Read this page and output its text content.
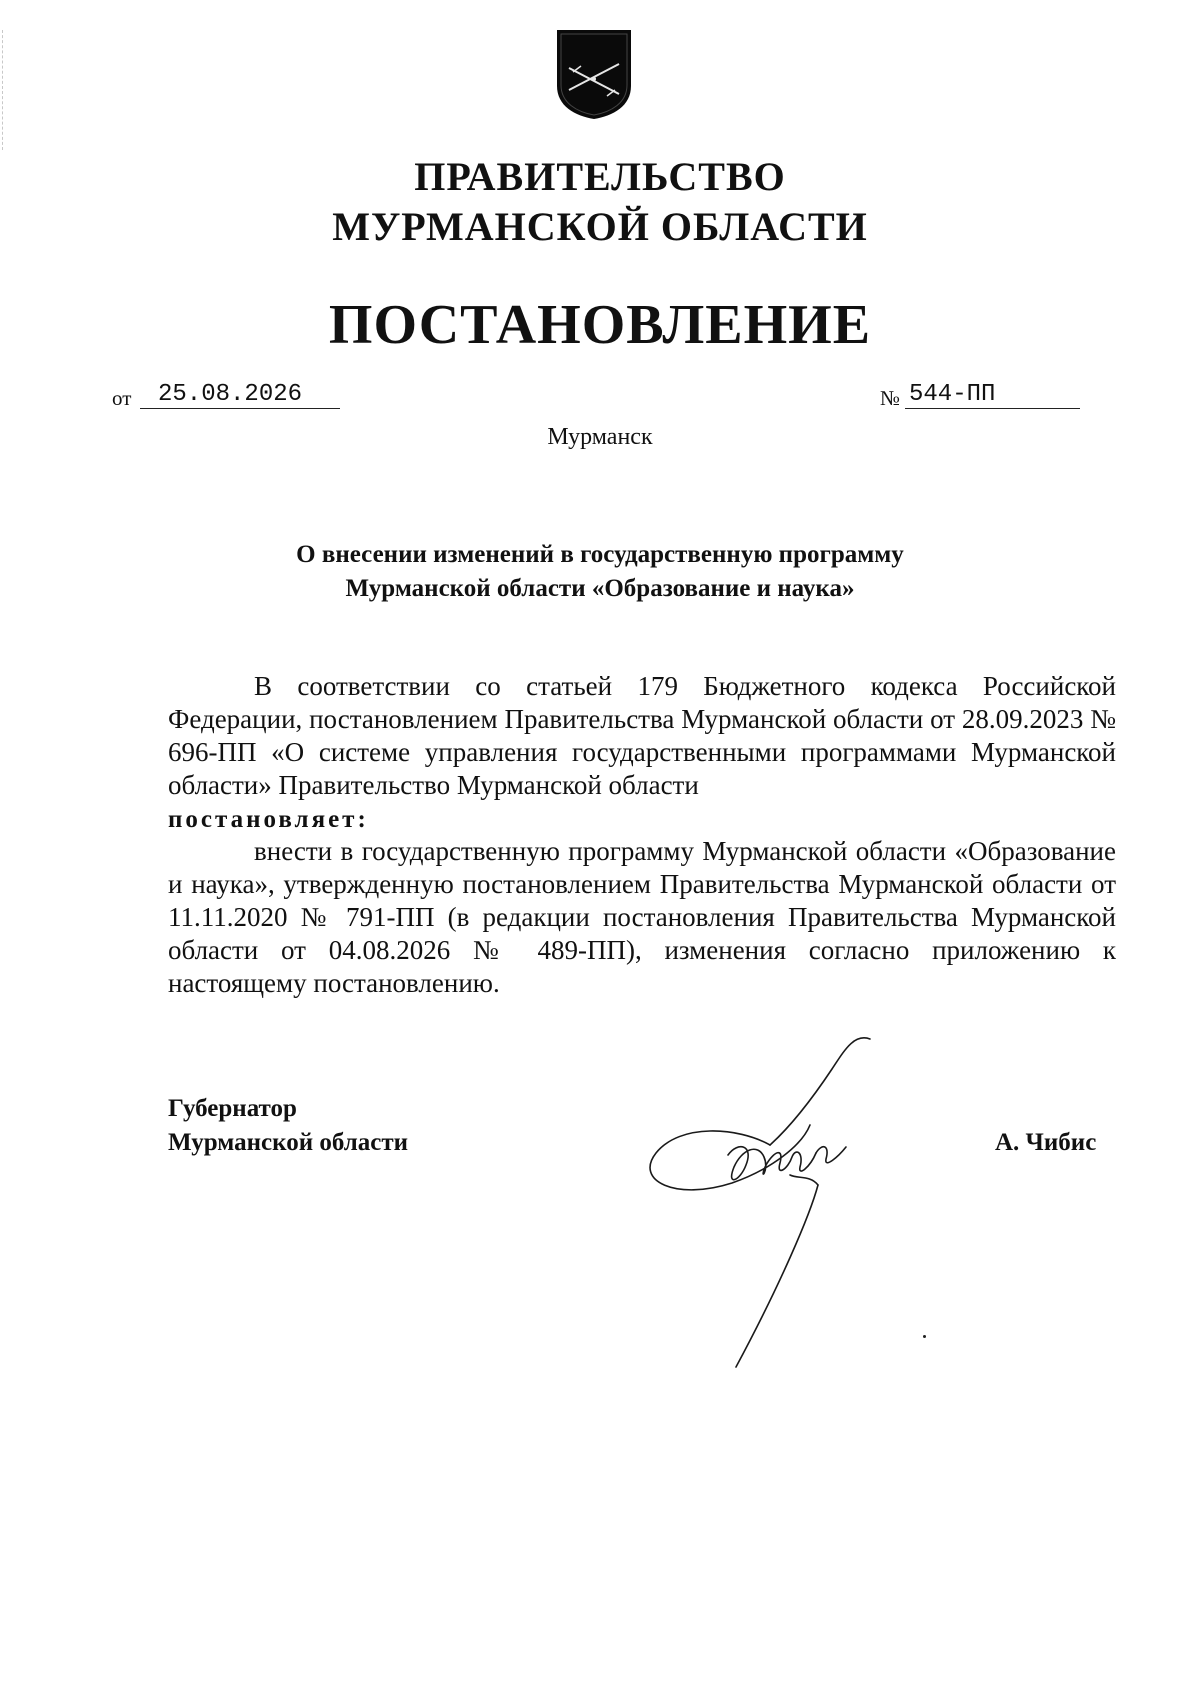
ПРАВИТЕЛЬСТВО
МУРМАНСКОЙ ОБЛАСТИ
ПОСТАНОВЛЕНИЕ
от	25.08.2026	№ 544-ПП
Мурманск
О внесении изменений в государственную программу
Мурманской области «Образование и наука»
В соответствии со статьей 179 Бюджетного кодекса Российской Федерации, постановлением Правительства Мурманской области от 28.09.2023 № 696-ПП «О системе управления государственными программами Мурманской области» Правительство Мурманской области
постановляет:
внести в государственную программу Мурманской области «Образование и наука», утвержденную постановлением Правительства Мурманской области от 11.11.2020 № 791-ПП (в редакции постановления Правительства Мурманской области от 04.08.2026 № 489-ПП), изменения согласно приложению к настоящему постановлению.
Губернатор
Мурманской области	А. Чибис
